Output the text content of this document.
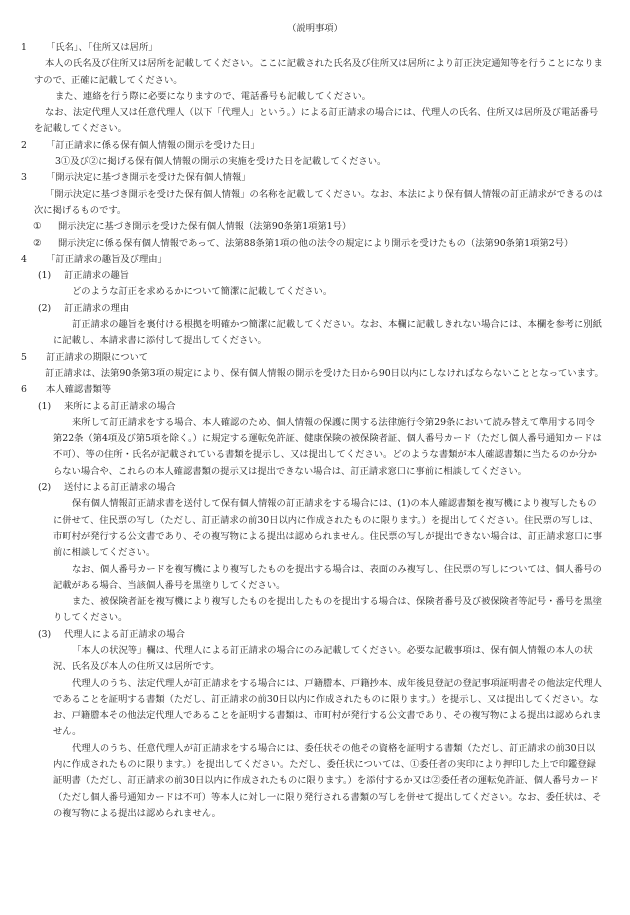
（説明事項）
1 「氏名」、「住所又は居所」

本人の氏名及び住所又は居所を記載してください。ここに記載された氏名及び住所又は居所により訂正決定通知等を行うことになりますので、正確に記載してください。

また、連絡を行う際に必要になりますので、電話番号も記載してください。

なお、法定代理人又は任意代理人（以下「代理人」という。）による訂正請求の場合には、代理人の氏名、住所又は居所及び電話番号を記載してください。

2 「訂正請求に係る保有個人情報の開示を受けた日」

3①及び②に掲げる保有個人情報の開示の実施を受けた日を記載してください。

3 「開示決定に基づき開示を受けた保有個人情報」

「開示決定に基づき開示を受けた保有個人情報」の名称を記載してください。なお、本法により保有個人情報の訂正請求ができるのは次に掲げるものです。

① 開示決定に基づき開示を受けた保有個人情報（法第90条第1項第1号）
② 開示決定に係る保有個人情報であって、法第88条第1項の他の法令の規定により開示を受けたもの（法第90条第1項第2号）
4 「訂正請求の趣旨及び理由」
(1) 訂正請求の趣旨

どのような訂正を求めるかについて簡潔に記載してください。

(2) 訂正請求の理由

訂正請求の趣旨を裏付ける根拠を明確かつ簡潔に記載してください。なお、本欄に記載しきれない場合には、本欄を参考に別紙に記載し、本請求書に添付して提出してください。

5 訂正請求の期限について

訂正請求は、法第90条第3項の規定により、保有個人情報の開示を受けた日から90日以内にしなければならないこととなっています。

6 本人確認書類等
(1) 来所による訂正請求の場合

来所して訂正請求をする場合、本人確認のため、個人情報の保護に関する法律施行令第29条において読み替えて準用する同令第22条（第4項及び第5項を除く。）に規定する運転免許証、健康保険の被保険者証、個人番号カード（ただし個人番号通知カードは不可）、等の住所・氏名が記載されている書類を提示し、又は提出してください。どのような書類が本人確認書類に当たるのか分からない場合や、これらの本人確認書類の提示又は提出できない場合は、訂正請求窓口に事前に相談してください。

(2) 送付による訂正請求の場合

保有個人情報訂正請求書を送付して保有個人情報の訂正請求をする場合には、(1)の本人確認書類を複写機により複写したものに併せて、住民票の写し（ただし、訂正請求の前30日以内に作成されたものに限ります。）を提出してください。住民票の写しは、市町村が発行する公文書であり、その複写物による提出は認められません。住民票の写しが提出できない場合は、訂正請求窓口に事前に相談してください。

なお、個人番号カードを複写機により複写したものを提出する場合は、表面のみ複写し、住民票の写しについては、個人番号の記載がある場合、当該個人番号を黒塗りしてください。

また、被保険者証を複写機により複写したものを提出したものを提出する場合は、保険者番号及び被保険者等記号・番号を黒塗りしてください。

(3) 代理人による訂正請求の場合

「本人の状況等」欄は、代理人による訂正請求の場合にのみ記載してください。必要な記載事項は、保有個人情報の本人の状況、氏名及び本人の住所又は居所です。

代理人のうち、法定代理人が訂正請求をする場合には、戸籍謄本、戸籍抄本、成年後見登記の登記事項証明書その他法定代理人であることを証明する書類（ただし、訂正請求の前30日以内に作成されたものに限ります。）を提示し、又は提出してください。なお、戸籍謄本その他法定代理人であることを証明する書類は、市町村が発行する公文書であり、その複写物による提出は認められません。

代理人のうち、任意代理人が訂正請求をする場合には、委任状その他その資格を証明する書類（ただし、訂正請求の前30日以内に作成されたものに限ります。）を提出してください。ただし、委任状については、①委任者の実印により押印した上で印鑑登録証明書（ただし、訂正請求の前30日以内に作成されたものに限ります。）を添付するか又は②委任者の運転免許証、個人番号カード（ただし個人番号通知カードは不可）等本人に対し一に限り発行される書類の写しを併せて提出してください。なお、委任状は、その複写物による提出は認められません。
